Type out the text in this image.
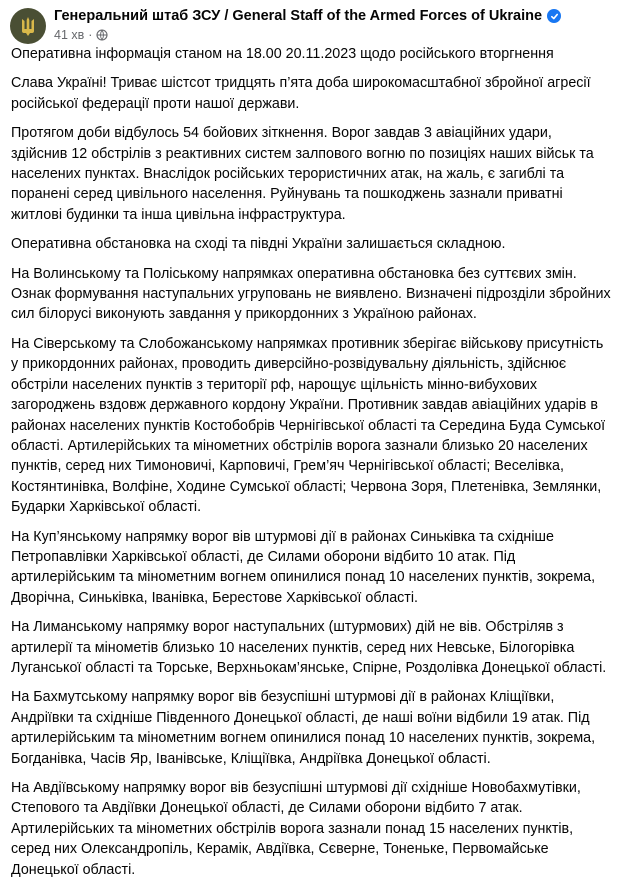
Генеральний штаб ЗСУ / General Staff of the Armed Forces of Ukraine
41 хв ·

Оперативна інформація станом на 18.00 20.11.2023 щодо російського вторгнення

Слава Україні! Триває шістсот тридцять п’ята доба широкомасштабної збройної агресії російської федерації проти нашої держави.

Протягом доби відбулось 54 бойових зіткнення. Ворог завдав 3 авіаційних удари, здійснив 12 обстрілів з реактивних систем залпового вогню по позиціях наших військ та населених пунктах. Внаслідок російських терористичних атак, на жаль, є загиблі та поранені серед цивільного населення. Руйнувань та пошкоджень зазнали приватні житлові будинки та інша цивільна інфраструктура.

Оперативна обстановка на сході та півдні України залишається складною.

На Волинському та Поліському напрямках оперативна обстановка без суттєвих змін. Ознак формування наступальних угруповань не виявлено. Визначені підрозділи збройних сил білорусі виконують завдання у прикордонних з Україною районах.

На Сіверському та Слобожанському напрямках противник зберігає військову присутність у прикордонних районах, проводить диверсійно-розвідувальну діяльність, здійснює обстріли населених пунктів з території рф, нарощує щільність мінно-вибухових загороджень вздовж державного кордону України. Противник завдав авіаційних ударів в районах населених пунктів Костобобрів Чернігівської області та Середина Буда Сумської області. Артилерійських та мінометних обстрілів ворога зазнали близько 20 населених пунктів, серед них Тимоновичі, Карповичі, Грем’яч Чернігівської області; Веселівка, Костянтинівка, Волфіне, Ходине Сумської області; Червона Зоря, Плетенівка, Землянки, Бударки Харківської області.

На Куп’янському напрямку ворог вів штурмові дії в районах Синьківка та східніше Петропавлівки Харківської області, де Силами оборони відбито 10 атак. Під артилерійським та мінометним вогнем опинилися понад 10 населених пунктів, зокрема, Дворічна, Синьківка, Іванівка, Берестове Харківської області.

На Лиманському напрямку ворог наступальних (штурмових) дій не вів. Обстріляв з артилерії та мінометів близько 10 населених пунктів, серед них Невське, Білогорівка Луганської області та Торське, Верхньокам’янське, Спірне, Роздолівка Донецької області.

На Бахмутському напрямку ворог вів безуспішні штурмові дії в районах Кліщіївки, Андріївки та східніше Південного Донецької області, де наші воїни відбили 19 атак. Під артилерійським та мінометним вогнем опинилися понад 10 населених пунктів, зокрема, Богданівка, Часів Яр, Іванівське, Кліщіївка, Андріївка Донецької області.

На Авдіївському напрямку ворог вів безуспішні штурмові дії східніше Новобахмутівки, Степового та Авдіївки Донецької області, де Силами оборони відбито 7 атак. Артилерійських та мінометних обстрілів ворога зазнали понад 15 населених пунктів, серед них Олександропіль, Керамік, Авдіївка, Сєверне, Тоненьке, Первомайське Донецької області.
